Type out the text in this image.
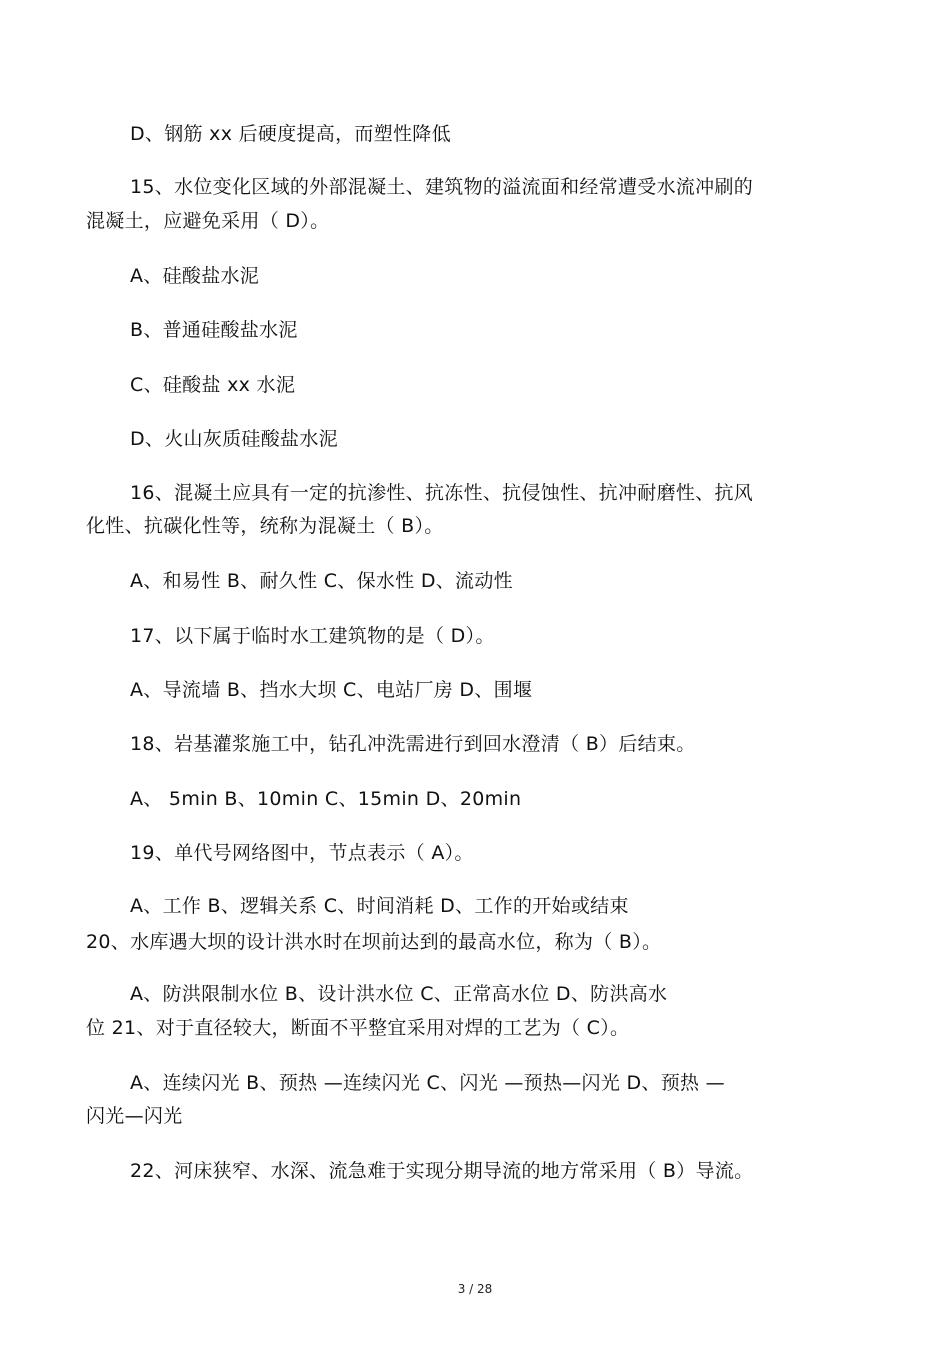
D、钢筋 xx 后硬度提高，而塑性降低
15、水位变化区域的外部混凝土、建筑物的溢流面和经常遭受水流冲刷的
混凝土，应避免采用（ D）。
A、硅酸盐水泥
B、普通硅酸盐水泥
C、硅酸盐 xx 水泥
D、火山灰质硅酸盐水泥
16、混凝土应具有一定的抗渗性、抗冻性、抗侵蚀性、抗冲耐磨性、抗风
化性、抗碳化性等，统称为混凝土（ B）。
A、和易性 B、耐久性 C、保水性 D、流动性
17、以下属于临时水工建筑物的是（ D）。
A、导流墙 B、挡水大坝 C、电站厂房 D、围堰
18、岩基灌浆施工中，钻孔冲洗需进行到回水澄清（ B）后结束。
A、 5min B、10min C、15min D、20min
19、单代号网络图中，节点表示（ A）。
A、工作 B、逻辑关系 C、时间消耗 D、工作的开始或结束
20、水库遇大坝的设计洪水时在坝前达到的最高水位，称为（ B）。
A、防洪限制水位 B、设计洪水位 C、正常高水位 D、防洪高水
位 21、对于直径较大，断面不平整宜采用对焊的工艺为（ C）。
A、连续闪光 B、预热 —连续闪光 C、闪光 —预热—闪光 D、预热 —
闪光—闪光
22、河床狭窄、水深、流急难于实现分期导流的地方常采用（ B）导流。
3 / 28
